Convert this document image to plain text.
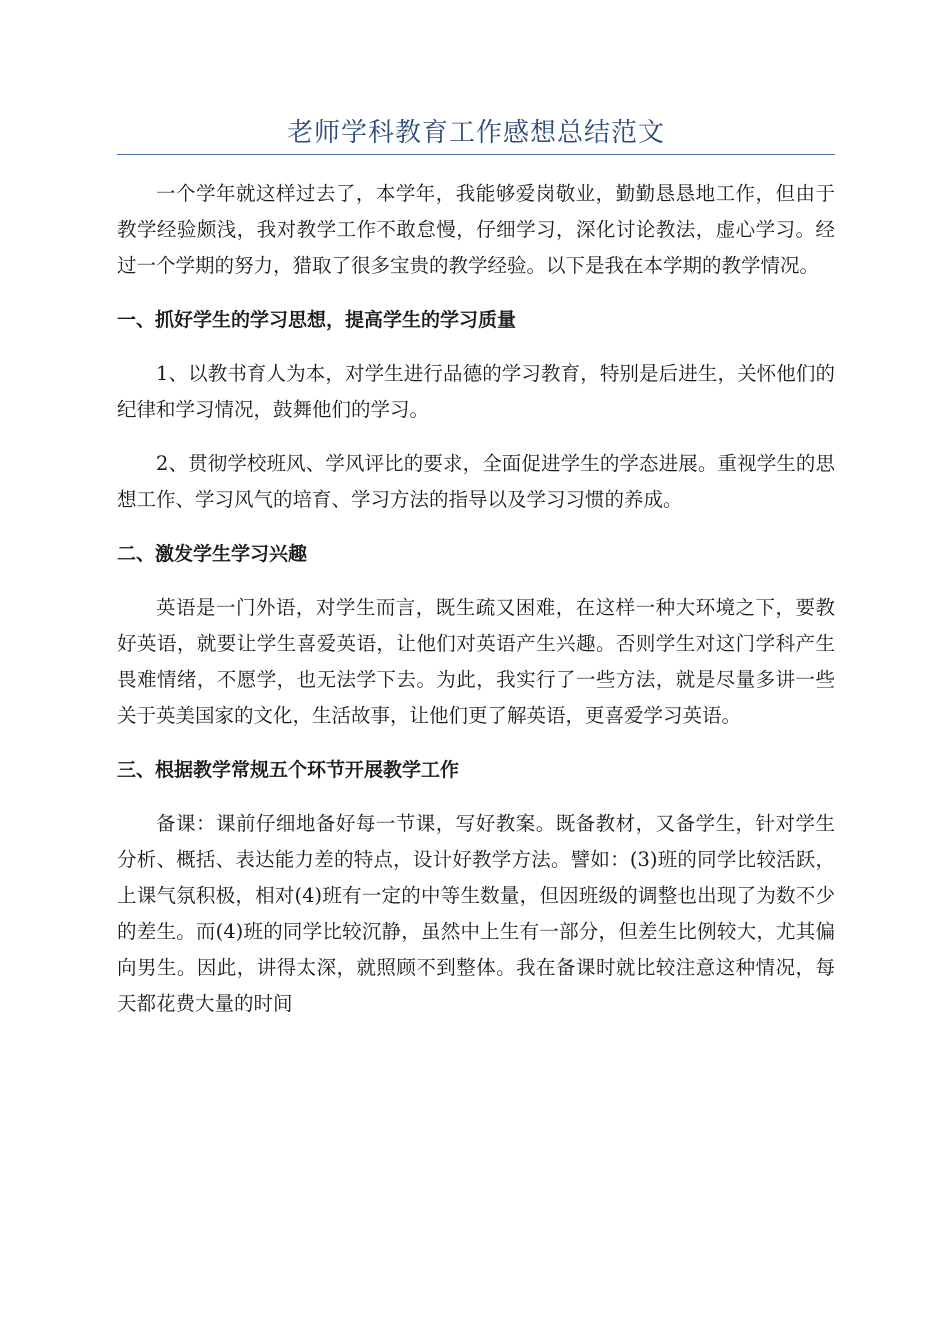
老师学科教育工作感想总结范文

一个学年就这样过去了，本学年，我能够爱岗敬业，勤勤恳恳地工作，但由于教学经验颇浅，我对教学工作不敢怠慢，仔细学习，深化讨论教法，虚心学习。经过一个学期的努力，猎取了很多宝贵的教学经验。以下是我在本学期的教学情况。

一、抓好学生的学习思想，提高学生的学习质量

1、以教书育人为本，对学生进行品德的学习教育，特别是后进生，关怀他们的纪律和学习情况，鼓舞他们的学习。

2、贯彻学校班风、学风评比的要求，全面促进学生的学态进展。重视学生的思想工作、学习风气的培育、学习方法的指导以及学习习惯的养成。

二、激发学生学习兴趣

英语是一门外语，对学生而言，既生疏又困难，在这样一种大环境之下，要教好英语，就要让学生喜爱英语，让他们对英语产生兴趣。否则学生对这门学科产生畏难情绪，不愿学，也无法学下去。为此，我实行了一些方法，就是尽量多讲一些关于英美国家的文化，生活故事，让他们更了解英语，更喜爱学习英语。

三、根据教学常规五个环节开展教学工作

备课：课前仔细地备好每一节课，写好教案。既备教材，又备学生，针对学生分析、概括、表达能力差的特点，设计好教学方法。譬如：(3)班的同学比较活跃，上课气氛积极，相对(4)班有一定的中等生数量，但因班级的调整也出现了为数不少的差生。而(4)班的同学比较沉静，虽然中上生有一部分，但差生比例较大，尤其偏向男生。因此，讲得太深，就照顾不到整体。我在备课时就比较注意这种情况，每天都花费大量的时间
